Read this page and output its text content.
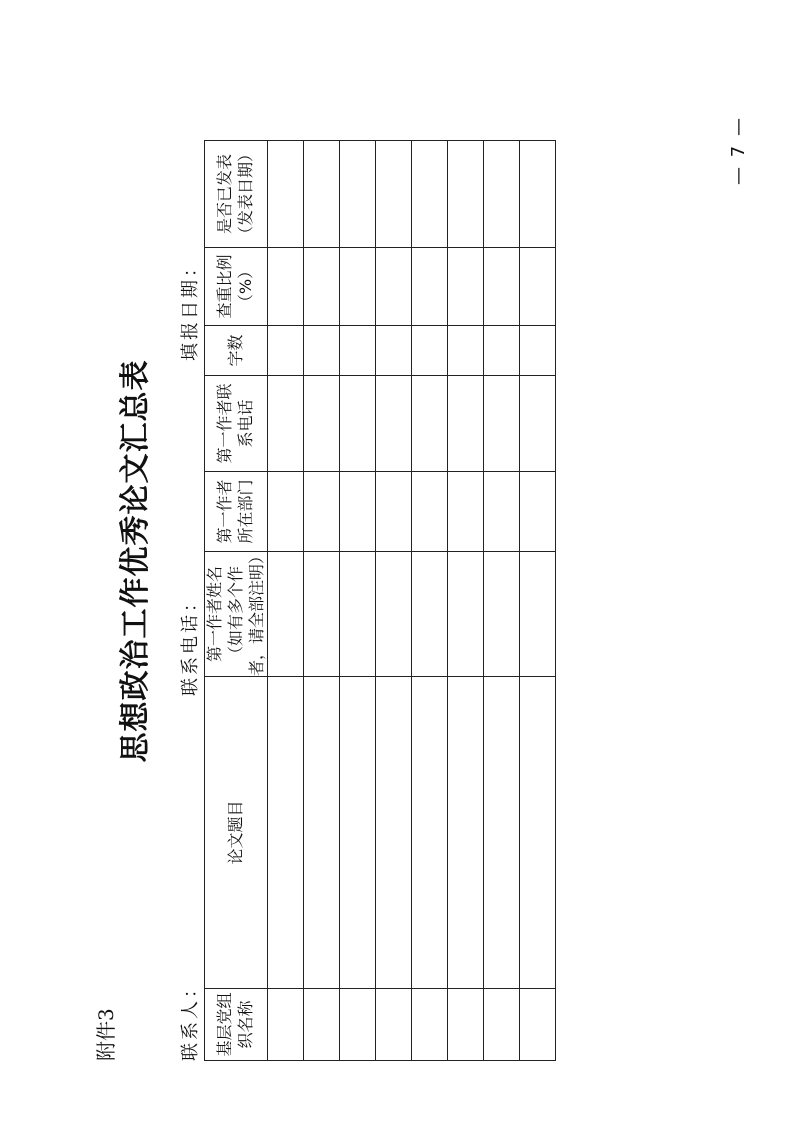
附件3
思想政治工作优秀论文汇总表
联系人：
联系电话：
填报日期：
基层党组织名称	论文题目	第一作者姓名（如有多个作者，请全部注明）	第一作者所在部门	第一作者联系电话	字数	查重比例（%）	是否已发表（发表日期）

								— 7 —
